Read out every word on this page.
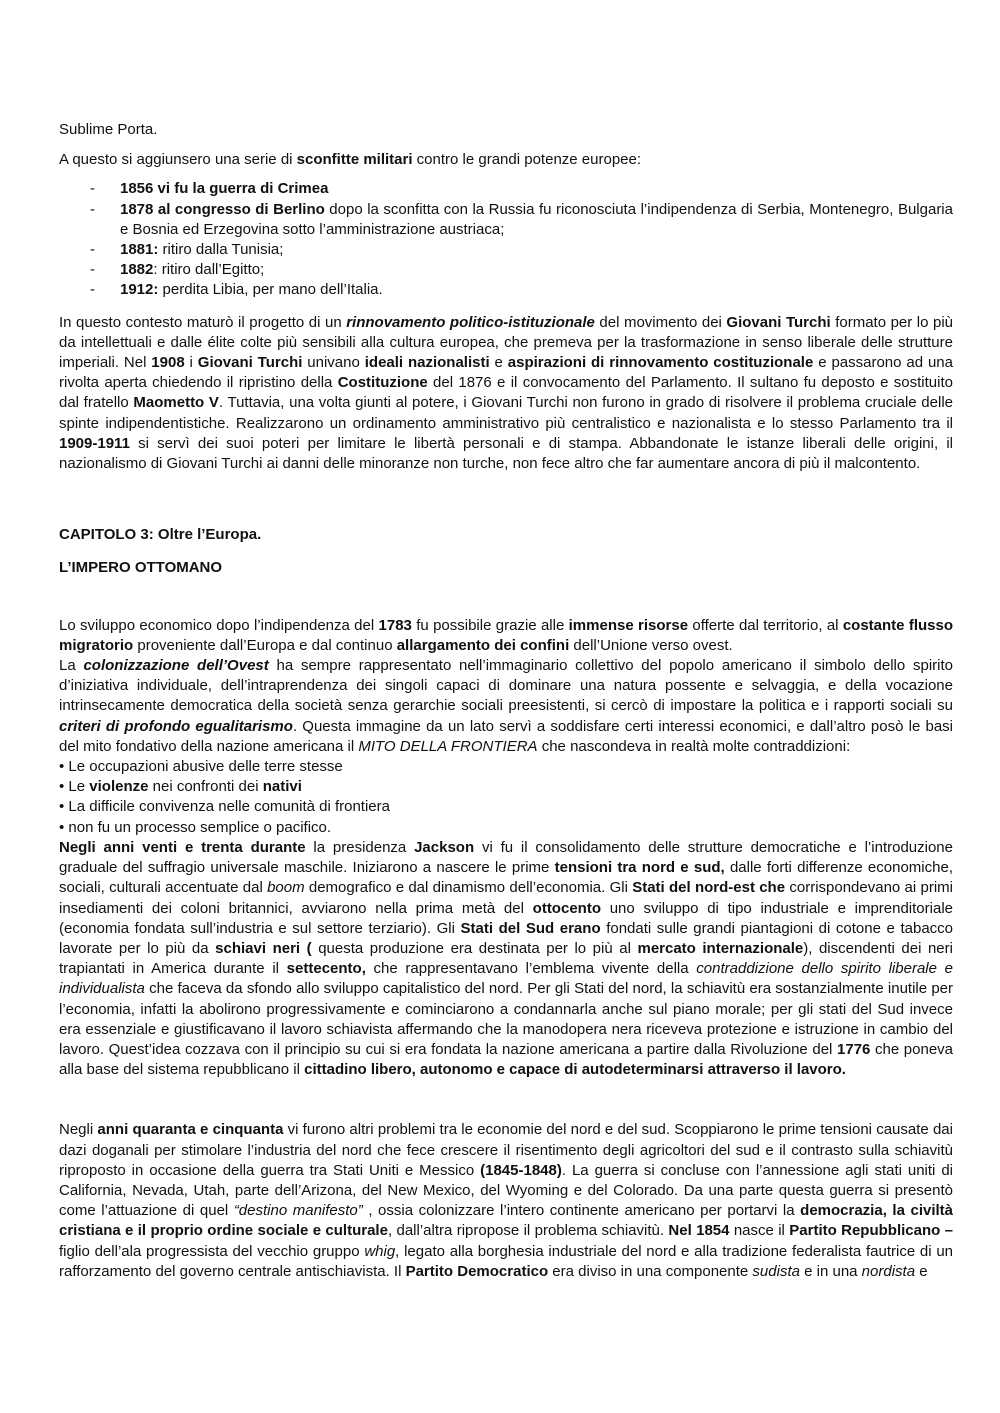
Sublime Porta.

A questo si aggiunsero una serie di sconfitte militari contro le grandi potenze europee:

- 1856 vi fu la guerra di Crimea
- 1878 al congresso di Berlino dopo la sconfitta con la Russia fu riconosciuta l’indipendenza di Serbia, Montenegro, Bulgaria e Bosnia ed Erzegovina sotto l’amministrazione austriaca;
- 1881: ritiro dalla Tunisia;
- 1882: ritiro dall’Egitto;
- 1912: perdita Libia, per mano dell’Italia.

In questo contesto maturò il progetto di un rinnovamento politico-istituzionale del movimento dei Giovani Turchi formato per lo più da intellettuali e dalle élite colte più sensibili alla cultura europea, che premeva per la trasformazione in senso liberale delle strutture imperiali. Nel 1908 i Giovani Turchi univano ideali nazionalisti e aspirazioni di rinnovamento costituzionale e passarono ad una rivolta aperta chiedendo il ripristino della Costituzione del 1876 e il convocamento del Parlamento. Il sultano fu deposto e sostituito dal fratello Maometto V. Tuttavia, una volta giunti al potere, i Giovani Turchi non furono in grado di risolvere il problema cruciale delle spinte indipendentistiche. Realizzarono un ordinamento amministrativo più centralistico e nazionalista e lo stesso Parlamento tra il 1909-1911 si servì dei suoi poteri per limitare le libertà personali e di stampa. Abbandonate le istanze liberali delle origini, il nazionalismo di Giovani Turchi ai danni delle minoranze non turche, non fece altro che far aumentare ancora di più il malcontento.

CAPITOLO 3: Oltre l’Europa.

L’IMPERO OTTOMANO

Lo sviluppo economico dopo l’indipendenza del 1783 fu possibile grazie alle immense risorse offerte dal territorio, al costante flusso migratorio proveniente dall’Europa e dal continuo allargamento dei confini dell’Unione verso ovest.

La colonizzazione dell’Ovest ha sempre rappresentato nell’immaginario collettivo del popolo americano il simbolo dello spirito d’iniziativa individuale, dell’intraprendenza dei singoli capaci di dominare una natura possente e selvaggia, e della vocazione intrinsecamente democratica della società senza gerarchie sociali preesistenti, si cercò di impostare la politica e i rapporti sociali su criteri di profondo egualitarismo. Questa immagine da un lato servì a soddisfare certi interessi economici, e dall’altro posò le basi del mito fondativo della nazione americana il MITO DELLA FRONTIERA che nascondeva in realtà molte contraddizioni:

• Le occupazioni abusive delle terre stesse

• Le violenze nei confronti dei nativi

• La difficile convivenza nelle comunità di frontiera

• non fu un processo semplice o pacifico.

Negli anni venti e trenta durante la presidenza Jackson vi fu il consolidamento delle strutture democratiche e l’introduzione graduale del suffragio universale maschile. Iniziarono a nascere le prime tensioni tra nord e sud, dalle forti differenze economiche, sociali, culturali accentuate dal boom demografico e dal dinamismo dell’economia. Gli Stati del nord-est che corrispondevano ai primi insediamenti dei coloni britannici, avviarono nella prima metà del ottocento uno sviluppo di tipo industriale e imprenditoriale (economia fondata sull’industria e sul settore terziario). Gli Stati del Sud erano fondati sulle grandi piantagioni di cotone e tabacco lavorate per lo più da schiavi neri ( questa produzione era destinata per lo più al mercato internazionale), discendenti dei neri trapiantati in America durante il settecento, che rappresentavano l’emblema vivente della contraddizione dello spirito liberale e individualista che faceva da sfondo allo sviluppo capitalistico del nord. Per gli Stati del nord, la schiavitù era sostanzialmente inutile per l’economia, infatti la abolirono progressivamente e cominciarono a condannarla anche sul piano morale; per gli stati del Sud invece era essenziale e giustificavano il lavoro schiavista affermando che la manodopera nera riceveva protezione e istruzione in cambio del lavoro. Quest’idea cozzava con il principio su cui si era fondata la nazione americana a partire dalla Rivoluzione del 1776 che poneva alla base del sistema repubblicano il cittadino libero, autonomo e capace di autodeterminarsi attraverso il lavoro.

Negli anni quaranta e cinquanta vi furono altri problemi tra le economie del nord e del sud. Scoppiarono le prime tensioni causate dai dazi doganali per stimolare l’industria del nord che fece crescere il risentimento degli agricoltori del sud e il contrasto sulla schiavitù riproposto in occasione della guerra tra Stati Uniti e Messico (1845-1848). La guerra si concluse con l’annessione agli stati uniti di California, Nevada, Utah, parte dell’Arizona, del New Mexico, del Wyoming e del Colorado. Da una parte questa guerra si presentò come l’attuazione di quel “destino manifesto” , ossia colonizzare l’intero continente americano per portarvi la democrazia, la civiltà cristiana e il proprio ordine sociale e culturale, dall’altra ripropose il problema schiavitù. Nel 1854 nasce il Partito Repubblicano – figlio dell’ala progressista del vecchio gruppo whig, legato alla borghesia industriale del nord e alla tradizione federalista fautrice di un rafforzamento del governo centrale antischiavista. Il Partito Democratico era diviso in una componente sudista e in una nordista e
